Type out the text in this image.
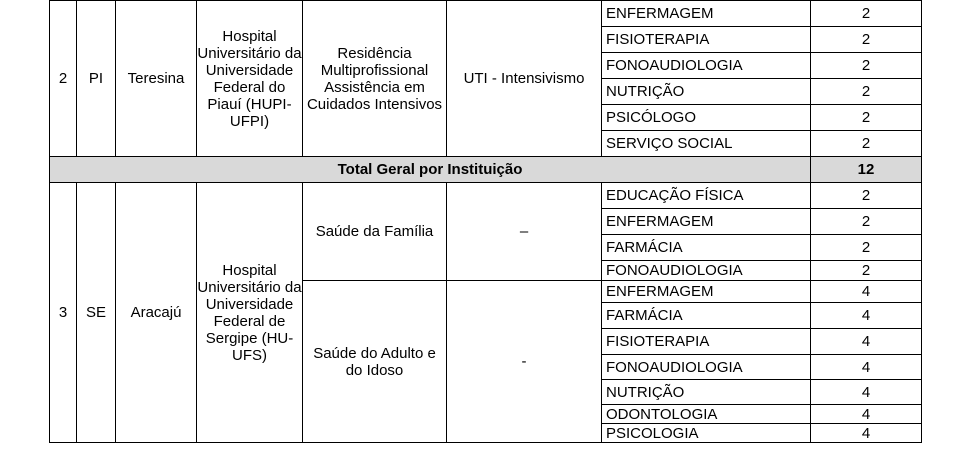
2	PI	Teresina	Hospital Universitário da Universidade Federal do Piauí (HUPI-UFPI)	Residência Multiprofissional Assistência em Cuidados Intensivos	UTI - Intensivismo	ENFERMAGEM	2
						FISIOTERAPIA	2
						FONOAUDIOLOGIA	2
						NUTRIÇÃO	2
						PSICÓLOGO	2
						SERVIÇO SOCIAL	2
Total Geral por Instituição							12
3	SE	Aracajú	Hospital Universitário da Universidade Federal de Sergipe (HU-UFS)	Saúde da Família	–	EDUCAÇÃO FÍSICA	2
						ENFERMAGEM	2
						FARMÁCIA	2
						FONOAUDIOLOGIA	2
				Saúde do Adulto e do Idoso	-	ENFERMAGEM	4
						FARMÁCIA	4
						FISIOTERAPIA	4
						FONOAUDIOLOGIA	4
						NUTRIÇÃO	4
						ODONTOLOGIA	4
						PSICOLOGIA	4
